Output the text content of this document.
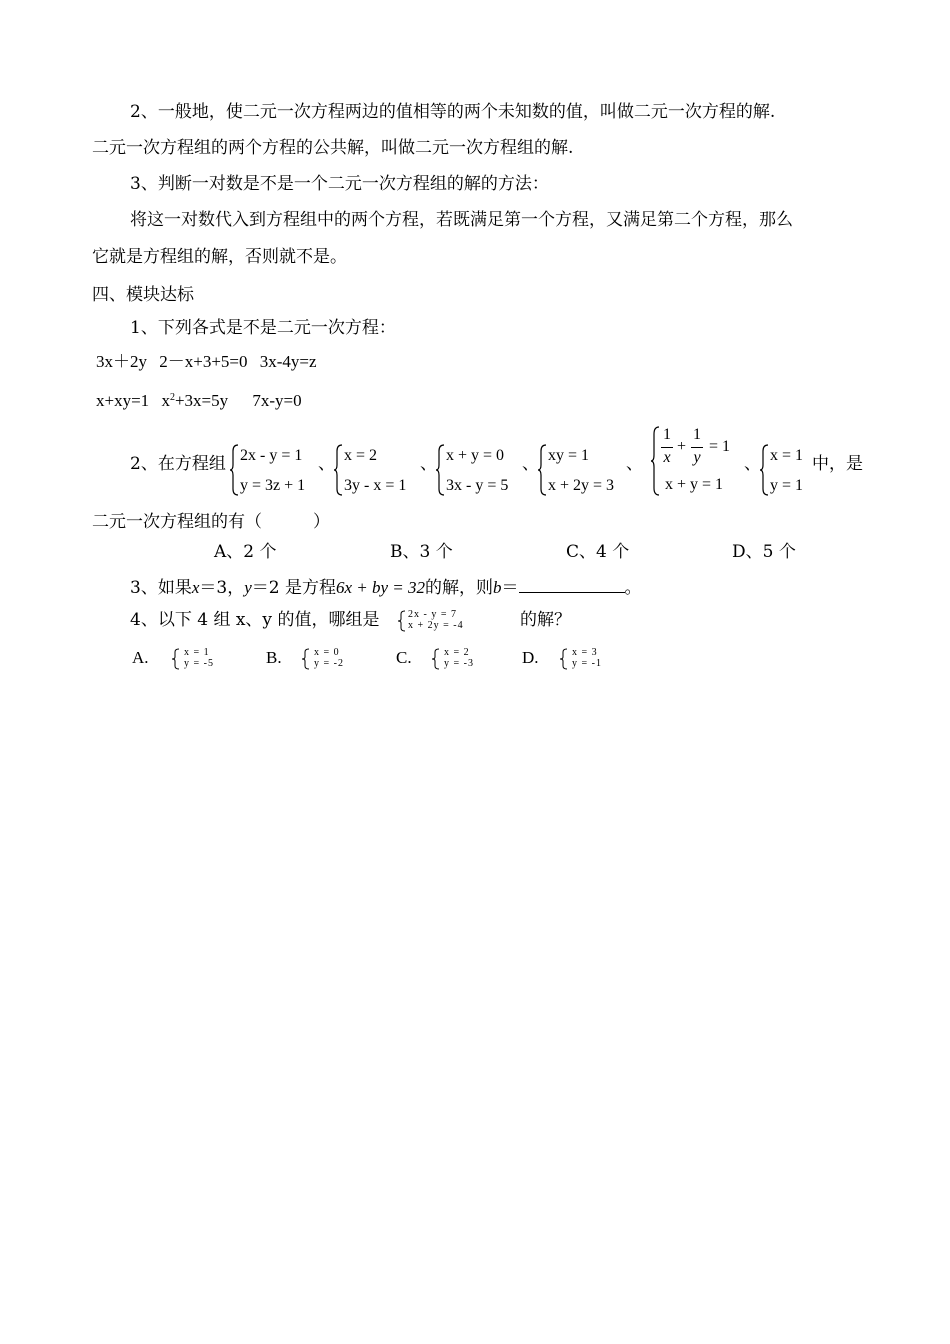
2、一般地，使二元一次方程两边的值相等的两个未知数的值，叫做二元一次方程的解.
二元一次方程组的两个方程的公共解，叫做二元一次方程组的解.
3、判断一对数是不是一个二元一次方程组的解的方法：
将这一对数代入到方程组中的两个方程，若既满足第一个方程，又满足第二个方程，那么
它就是方程组的解，否则就不是。
四、模块达标
1、下列各式是不是二元一次方程：
3x＋2y 2－x+3+5=0 3x-4y=z
x+xy=1 $x^2+3x=5y$ 7x-y=0
2、在方程组 2x - y = 1
y = 3z + 1
、 x = 2
3y - x = 1
、 x + y = 0
3x - y = 5
、 xy = 1
x + 2y = 3
、
1
x
+
1
y
= 1
x + y = 1
、 x = 1
y = 1
中，是
二元一次方程组的有（　　　）
A、2 个	B、3 个	C、4 个	D、5 个
3、如果x＝3，y＝2 是方程6x + by = 32的解，则b＝	。
4、以下 4 组 x、y 的值，哪组是	2x - y = 7
x + 2y = -4	的解？
A.	x = 1
y = -5	B.	x = 0
y = -2	C.	x = 2
y = -3	D.	x = 3
y = -1
